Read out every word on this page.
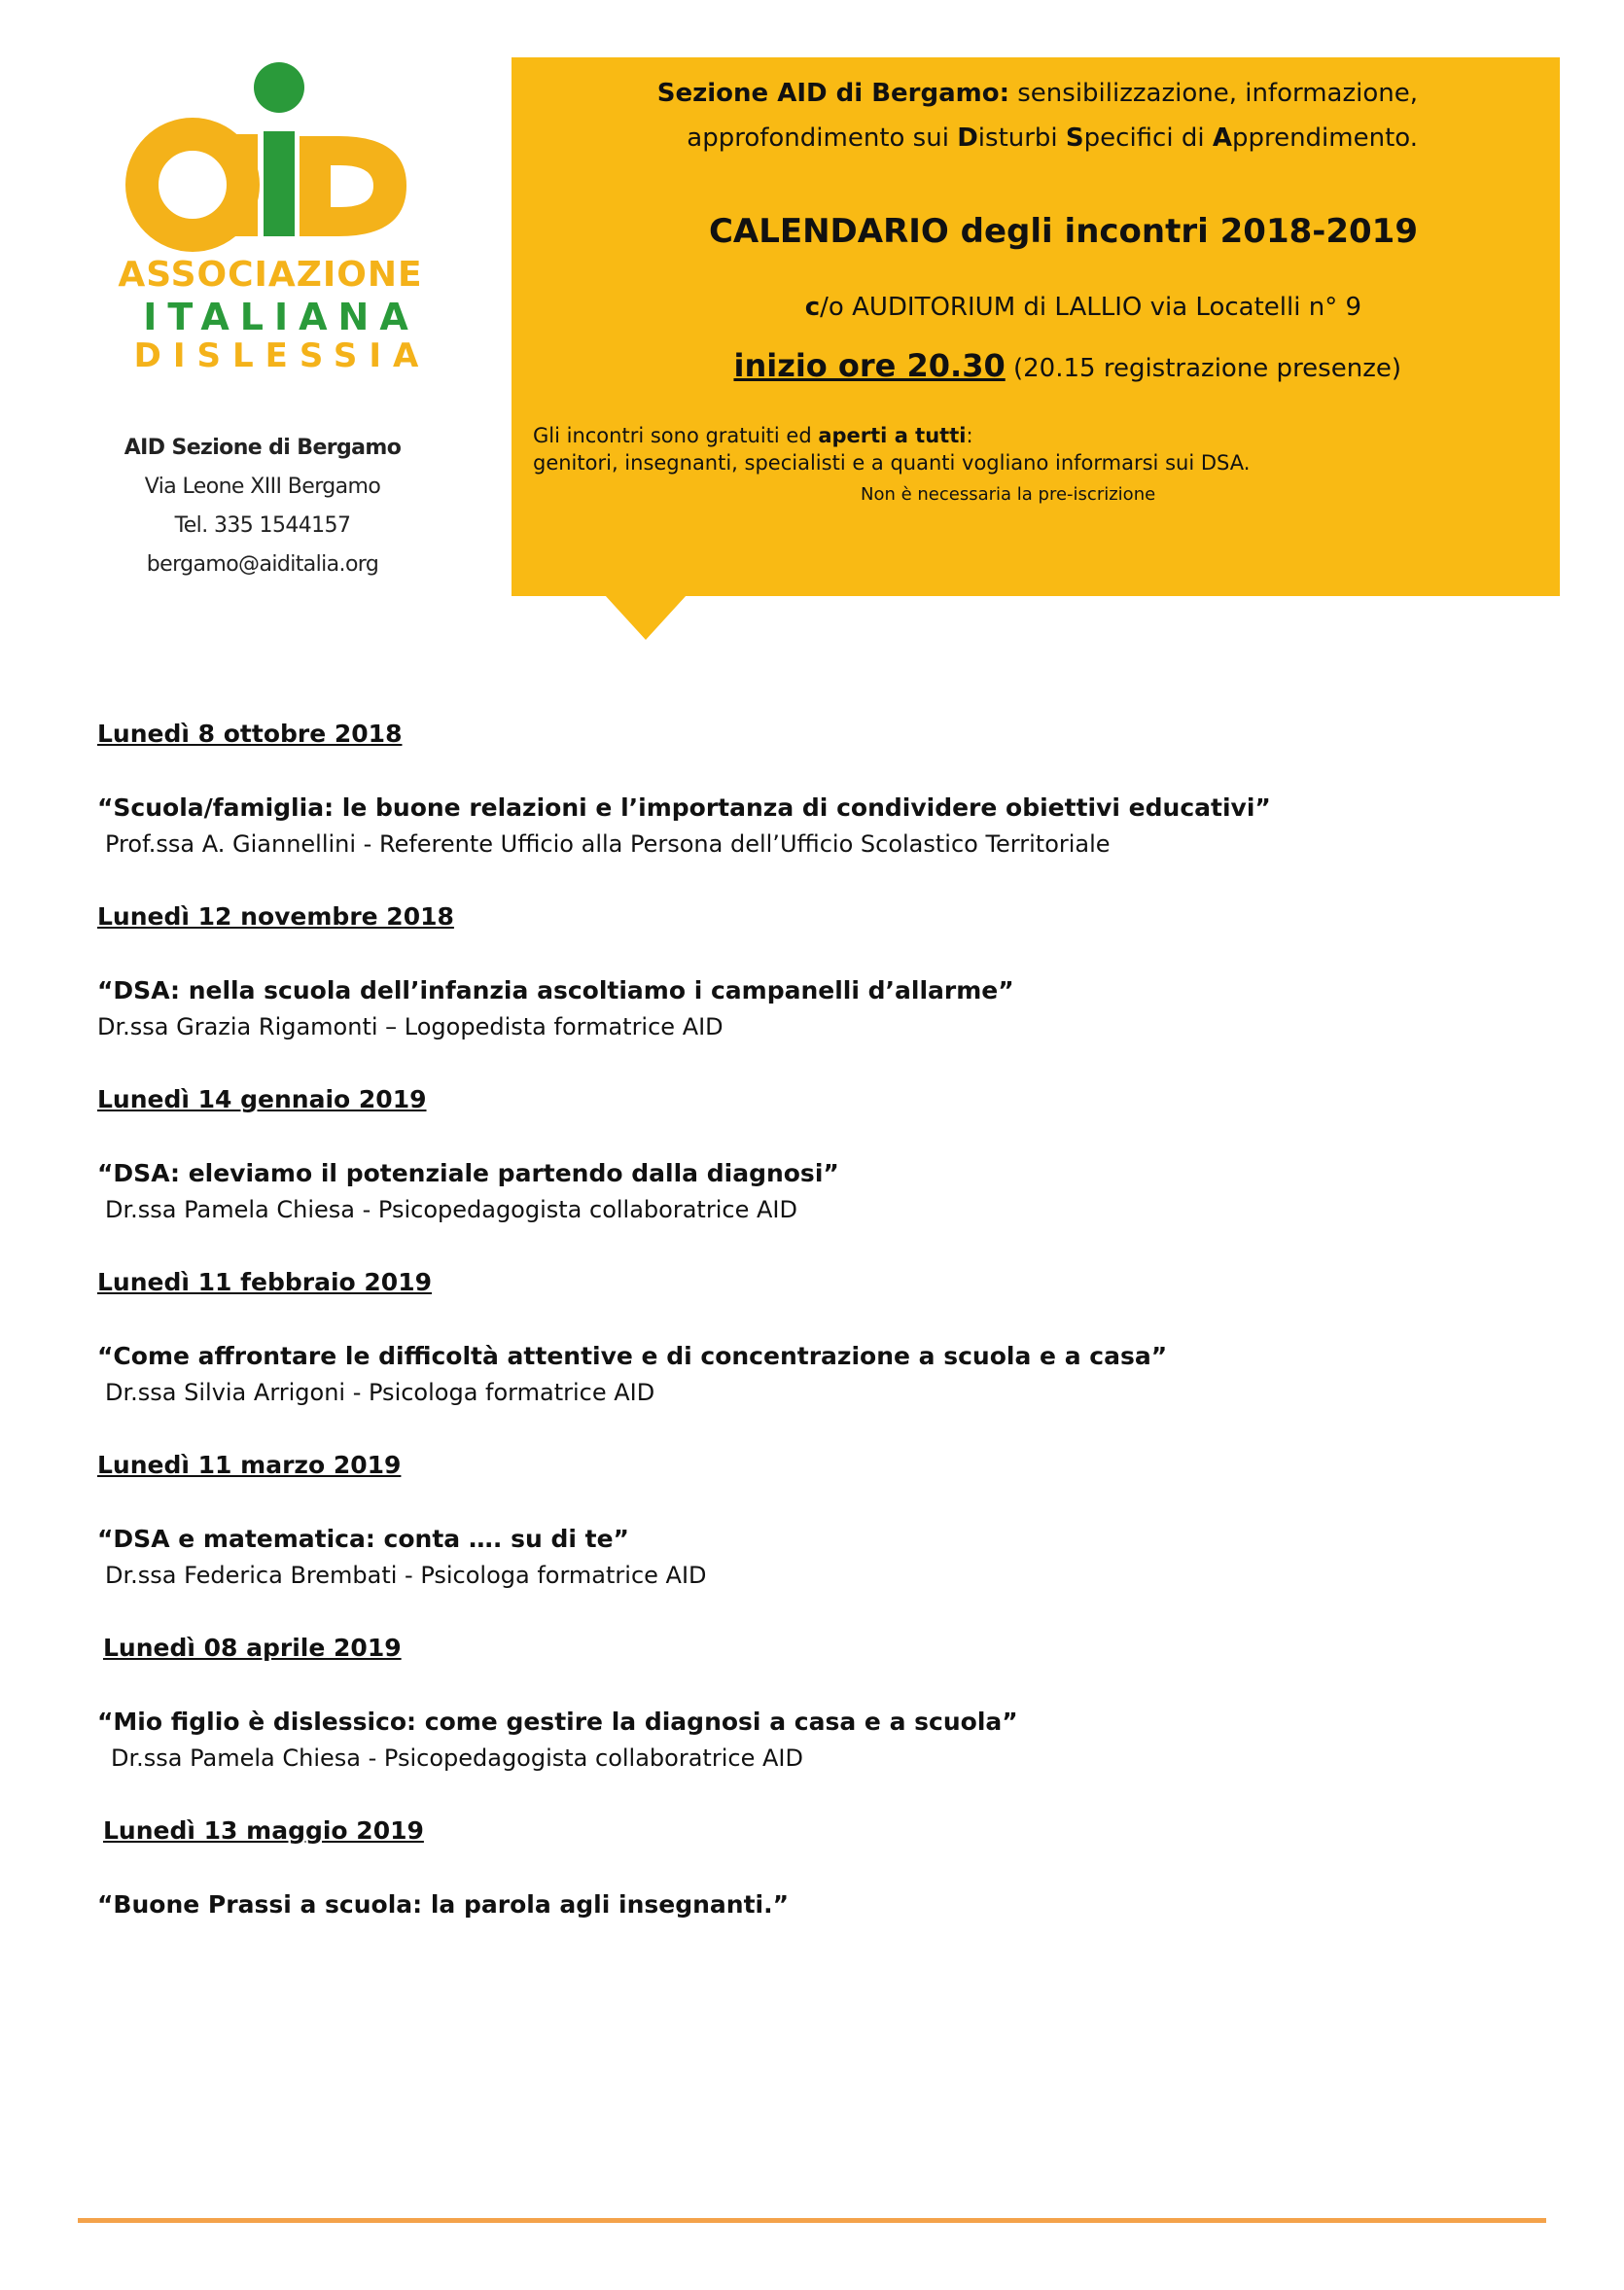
ASSOCIAZIONE
ITALIANA
DISLESSIA
AID Sezione di Bergamo
Via Leone XIII Bergamo
Tel. 335 1544157
bergamo@aiditalia.org
Sezione AID di Bergamo: sensibilizzazione, informazione,
approfondimento sui Disturbi Specifici di Apprendimento.
CALENDARIO degli incontri 2018-2019
c/o AUDITORIUM di LALLIO via Locatelli n° 9
inizio ore 20.30 (20.15 registrazione presenze)
Gli incontri sono gratuiti ed aperti a tutti:
genitori, insegnanti, specialisti e a quanti vogliano informarsi sui DSA.
Non è necessaria la pre-iscrizione
Lunedì 8 ottobre 2018
“Scuola/famiglia: le buone relazioni e l’importanza di condividere obiettivi educativi”
Prof.ssa A. Giannellini - Referente Ufficio alla Persona dell’Ufficio Scolastico Territoriale
Lunedì 12 novembre 2018
“DSA: nella scuola dell’infanzia ascoltiamo i campanelli d’allarme”
Dr.ssa Grazia Rigamonti – Logopedista formatrice AID
Lunedì 14 gennaio 2019
“DSA: eleviamo il potenziale partendo dalla diagnosi”
Dr.ssa Pamela Chiesa - Psicopedagogista collaboratrice AID
Lunedì 11 febbraio 2019
“Come affrontare le difficoltà attentive e di concentrazione a scuola e a casa”
Dr.ssa Silvia Arrigoni - Psicologa formatrice AID
Lunedì 11 marzo 2019
“DSA e matematica: conta …. su di te”
Dr.ssa Federica Brembati - Psicologa formatrice AID
Lunedì 08 aprile 2019
“Mio figlio è dislessico: come gestire la diagnosi a casa e a scuola”
Dr.ssa Pamela Chiesa - Psicopedagogista collaboratrice AID
Lunedì 13 maggio 2019
“Buone Prassi a scuola: la parola agli insegnanti.”
